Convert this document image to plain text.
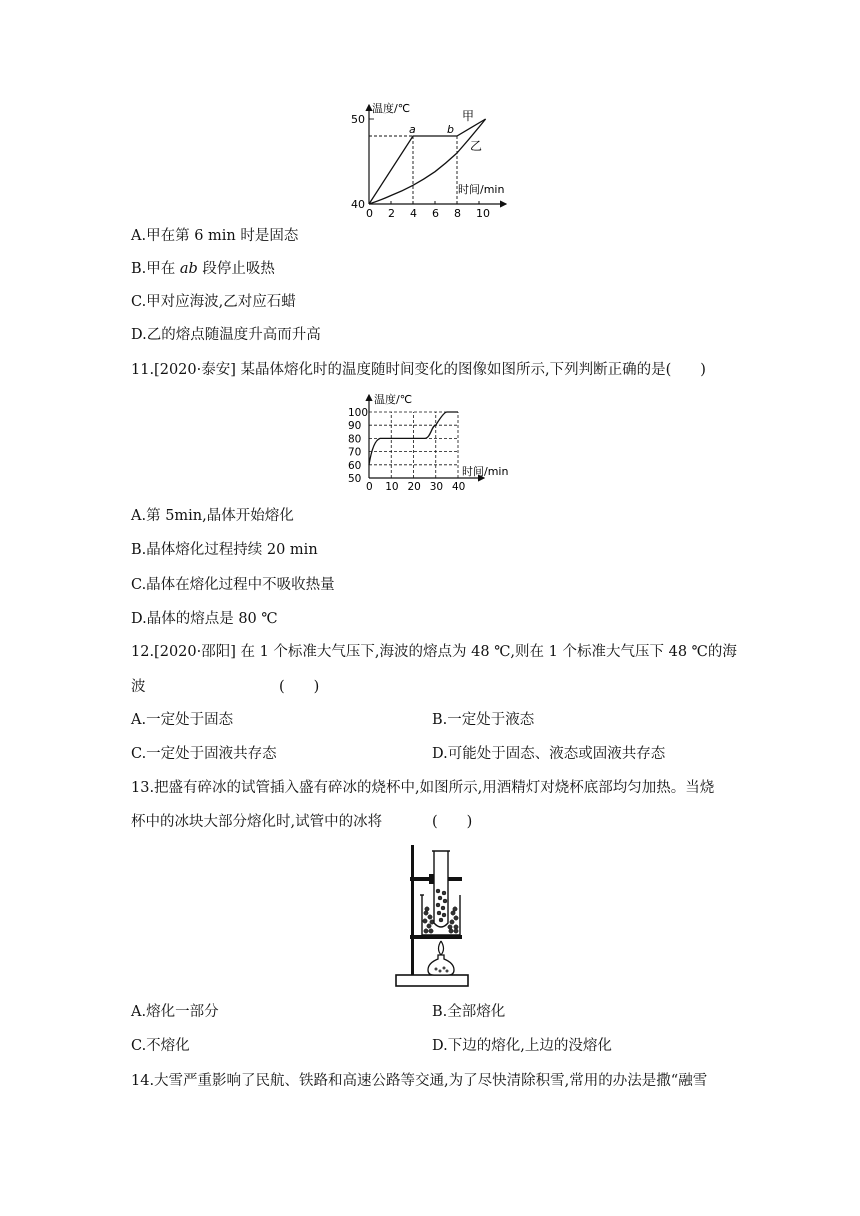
0 2 4 6 8 10
温度/℃
时间/min
50
40
a	b
甲
乙
A.甲在第 6 min 时是固态
B.甲在 ab 段停止吸热
C.甲对应海波,乙对应石蜡
D.乙的熔点随温度升高而升高
11.[2020·泰安] 某晶体熔化时的温度随时间变化的图像如图所示,下列判断正确的是(　　)
100
90
80
70
60
50
0 10 20 30 40
温度/℃
时间/min
A.第 5min,晶体开始熔化
B.晶体熔化过程持续 20 min
C.晶体在熔化过程中不吸收热量
D.晶体的熔点是 80 ℃
12.[2020·邵阳] 在 1 个标准大气压下,海波的熔点为 48 ℃,则在 1 个标准大气压下 48 ℃的海
波	(　　)
A.一定处于固态	B.一定处于液态
C.一定处于固液共存态	D.可能处于固态、液态或固液共存态
13.把盛有碎冰的试管插入盛有碎冰的烧杯中,如图所示,用酒精灯对烧杯底部均匀加热。当烧
杯中的冰块大部分熔化时,试管中的冰将	(　　)
A.熔化一部分	B.全部熔化
C.不熔化	D.下边的熔化,上边的没熔化
14.大雪严重影响了民航、铁路和高速公路等交通,为了尽快清除积雪,常用的办法是撒“融雪
